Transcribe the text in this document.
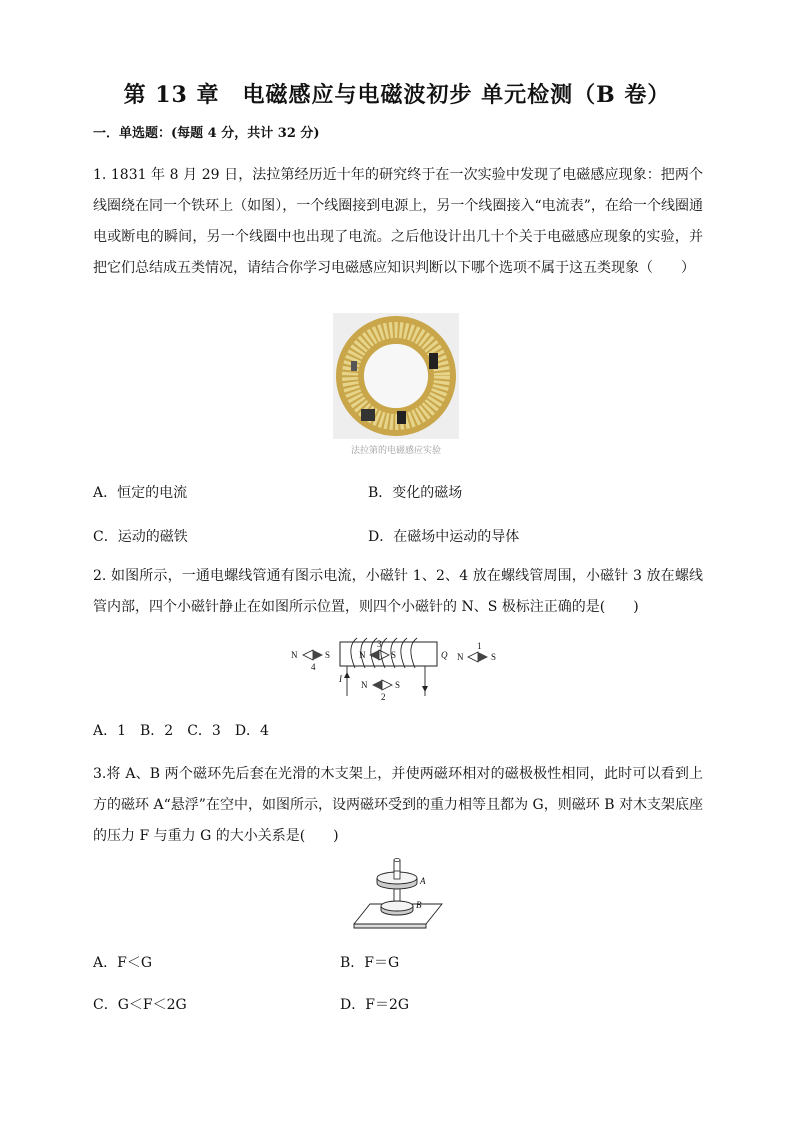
第 13 章　电磁感应与电磁波初步 单元检测（B 卷）
一．单选题：(每题 4 分，共计 32 分)

1. 1831 年 8 月 29 日，法拉第经历近十年的研究终于在一次实验中发现了电磁感应现象：把两个线圈绕在同一个铁环上（如图），一个线圈接到电源上，另一个线圈接入“电流表”，在给一个线圈通电或断电的瞬间，另一个线圈中也出现了电流。之后他设计出几十个关于电磁感应现象的实验，并把它们总结成五类情况，请结合你学习电磁感应知识判断以下哪个选项不属于这五类现象（　　）

法拉第的电磁感应实验
A．恒定的电流	B．变化的磁场
C．运动的磁铁	D．在磁场中运动的导体

2. 如图所示，一通电螺线管通有图示电流，小磁针 1、2、4 放在螺线管周围，小磁针 3 放在螺线管内部，四个小磁针静止在如图所示位置，则四个小磁针的 N、S 极标注正确的是(　　)

I
Q
N	S
4
N	S
3
N	S
1
N	S
2
A．1　B．2　C．3　D．4

3.将 A、B 两个磁环先后套在光滑的木支架上，并使两磁环相对的磁极极性相同，此时可以看到上方的磁环 A“悬浮”在空中，如图所示，设两磁环受到的重力相等且都为 G，则磁环 B 对木支架底座的压力 F 与重力 G 的大小关系是(　　)

A
B
A．F＜G	B．F＝G
C．G＜F＜2G	D．F＝2G
